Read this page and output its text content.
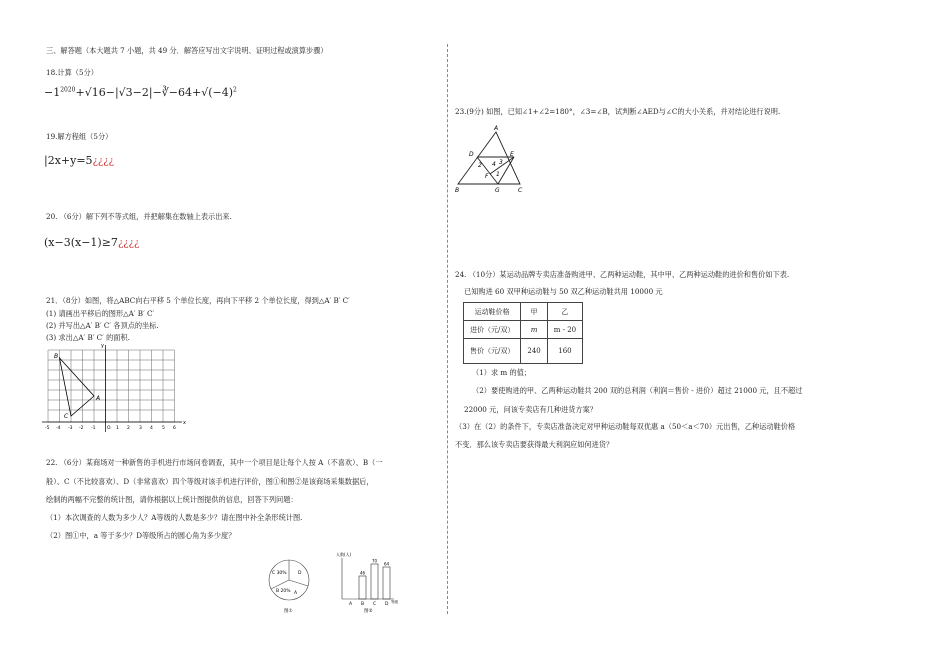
三、解答题（本大题共 7 小题，共 49 分．解答应写出文字说明、证明过程或演算步骤）
18.计算（5分）
$-1^{2020}+√16-|√3-2|-∛-64+√(-4)^2$
19.解方程组（5分）
|2x+y=5¿¿¿¿
20. （6分）解下列不等式组，并把解集在数轴上表示出来.
(x−3(x−1)≥7¿¿¿¿
21．（8分）如图，将△ABC向右平移 5 个单位长度，再向下平移 2 个单位长度，得到△A′ B′ C′
(1) 请画出平移后的图形△A′ B′ C′
(2) 并写出△A′ B′ C′ 各顶点的坐标.
(3) 求出△A′ B′ C′ 的面积.
y
x
B
A
C
-5 -4 -3 -2 -1	O 1 2 3 4 5 6
22. （6分）某商场对一种新售的手机进行市场问卷调查，其中一个项目是让每个人按 A（不喜欢）、B（一
般）、C（不比较喜欢）、D（非常喜欢）四个等级对该手机进行评价，图①和图②是该商场采集数据后，
绘制的两幅不完整的统计图，请你根据以上统计图提供的信息，回答下列问题：
（1）本次调查的人数为多少人？A等级的人数是多少？请在图中补全条形统计图.
（2）图①中，a 等于多少？D等级所占的圆心角为多少度？
C 30%	D
B 20% A
图①
人数(人)
等级
图②
A B
46
C
70
D
64
23.(9分) 如图，已知∠1+∠2=180°，∠3=∠B，试判断∠AED与∠C的大小关系，并对结论进行说明.
A
D	E
2 4 3
F 1
B	G	C
24. （10分）某运动品牌专卖店准备购进甲、乙两种运动鞋，其中甲、乙两种运动鞋的进价和售价如下表.
已知购进 60 双甲种运动鞋与 50 双乙种运动鞋共用 10000 元
运动鞋价格	甲	乙
进价（元/双）	m	m - 20
售价（元/双）	240	160
（1）求 m 的值；
（2）要使购进的甲、乙两种运动鞋共 200 双的总利润（利润＝售价 - 进价）超过 21000 元，且不超过
22000 元，问该专卖店有几种进货方案？
（3）在（2）的条件下，专卖店准备决定对甲种运动鞋每双优惠 a（50＜a＜70）元出售，乙种运动鞋价格
不变．那么该专卖店要获得最大利润应如何进货？
